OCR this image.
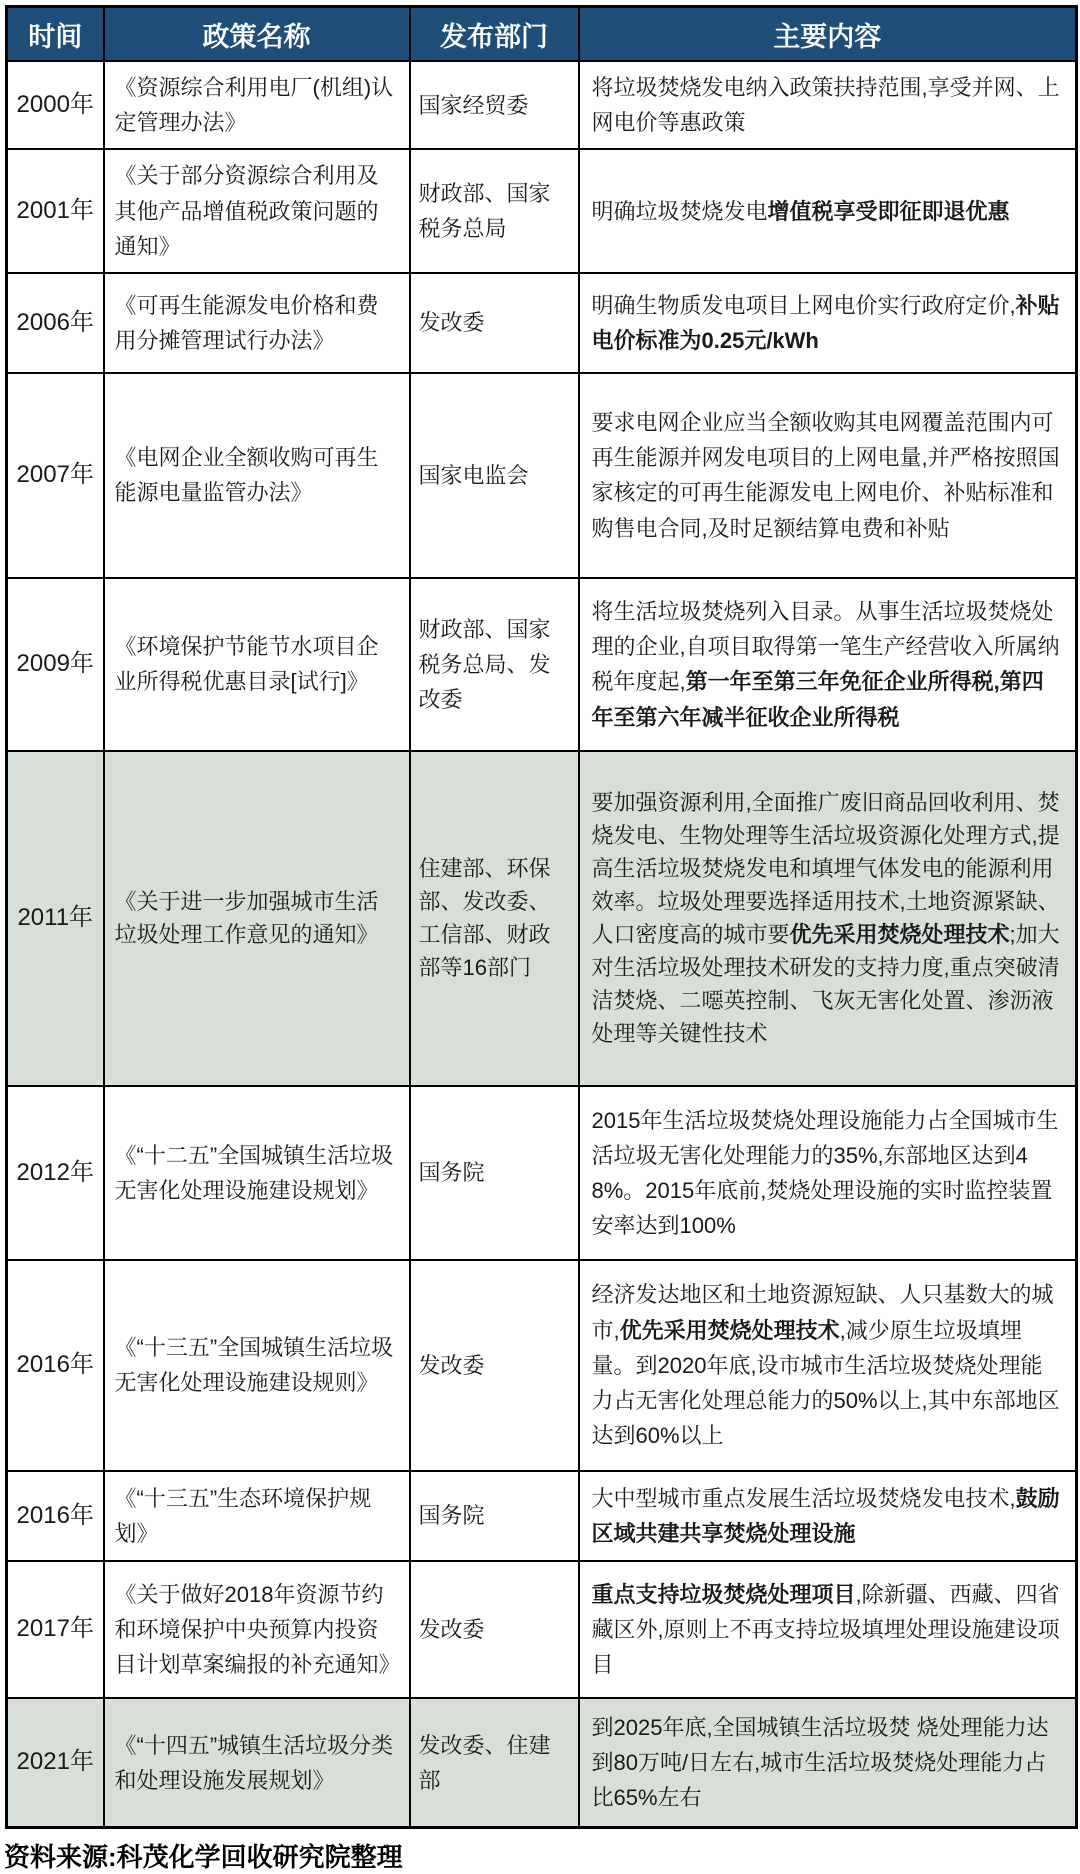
时间	政策名称	发布部门	主要内容
2000年	《资源综合利用电厂(机组)认定管理办法》	国家经贸委	将垃圾焚烧发电纳入政策扶持范围,享受并网、上网电价等惠政策
2001年	《关于部分资源综合利用及其他产品增值税政策问题的通知》	财政部、国家税务总局	明确垃圾焚烧发电增值税享受即征即退优惠
2006年	《可再生能源发电价格和费用分摊管理试行办法》	发改委	明确生物质发电项目上网电价实行政府定价,补贴电价标准为0.25元/kWh
2007年	《电网企业全额收购可再生能源电量监管办法》	国家电监会	要求电网企业应当全额收购其电网覆盖范围内可再生能源并网发电项目的上网电量,并严格按照国家核定的可再生能源发电上网电价、补贴标准和购售电合同,及时足额结算电费和补贴
2009年	《环境保护节能节水项目企业所得税优惠目录[试行]》	财政部、国家税务总局、发改委	将生活垃圾焚烧列入目录。从事生活垃圾焚烧处理的企业,自项目取得第一笔生产经营收入所属纳税年度起,第一年至第三年免征企业所得税,第四年至第六年减半征收企业所得税
2011年	《关于进一步加强城市生活垃圾处理工作意见的通知》	住建部、环保部、发改委、工信部、财政部等16部门	要加强资源利用,全面推广废旧商品回收利用、焚烧发电、生物处理等生活垃圾资源化处理方式,提高生活垃圾焚烧发电和填埋气体发电的能源利用效率。垃圾处理要选择适用技术,土地资源紧缺、人口密度高的城市要优先采用焚烧处理技术;加大对生活垃圾处理技术研发的支持力度,重点突破清洁焚烧、二噁英控制、飞灰无害化处置、渗沥液处理等关键性技术
2012年	《“十二五”全国城镇生活垃圾无害化处理设施建设规划》	国务院	2015年生活垃圾焚烧处理设施能力占全国城市生活垃圾无害化处理能力的35%,东部地区达到48%。2015年底前,焚烧处理设施的实时监控装置安率达到100%
2016年	《“十三五”全国城镇生活垃圾无害化处理设施建设规则》	发改委	经济发达地区和土地资源短缺、人只基数大的城市,优先采用焚烧处理技术,减少原生垃圾填埋量。到2020年底,设市城市生活垃圾焚烧处理能力占无害化处理总能力的50%以上,其中东部地区达到60%以上
2016年	《“十三五”生态环境保护规划》	国务院	大中型城市重点发展生活垃圾焚烧发电技术,鼓励区域共建共享焚烧处理设施
2017年	《关于做好2018年资源节约和环境保护中央预算内投资目计划草案编报的补充通知》	发改委	重点支持垃圾焚烧处理项目,除新疆、西藏、四省藏区外,原则上不再支持垃圾填埋处理设施建设项目
2021年	《“十四五”城镇生活垃圾分类和处理设施发展规划》	发改委、住建部	到2025年底,全国城镇生活垃圾焚 烧处理能力达到80万吨/日左右,城市生活垃圾焚烧处理能力占比65%左右
资料来源:科茂化学回收研究院整理
